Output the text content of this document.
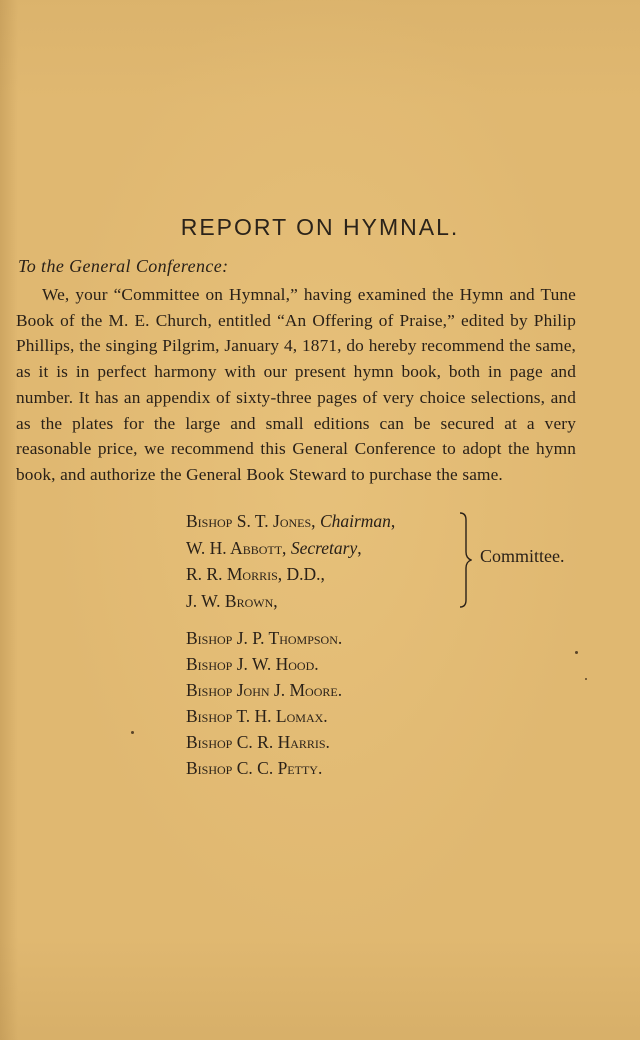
REPORT ON HYMNAL.
To the General Conference:
We, your “Committee on Hymnal,” having examined the Hymn and Tune Book of the M. E. Church, entitled “An Offering of Praise,” edited by Philip Phillips, the singing Pilgrim, January 4, 1871, do hereby recommend the same, as it is in perfect harmony with our present hymn book, both in page and number. It has an appendix of sixty-three pages of very choice selections, and as the plates for the large and small editions can be secured at a very reasonable price, we recommend this General Conference to adopt the hymn book, and authorize the General Book Steward to purchase the same.
Bishop S. T. Jones, Chairman,
W. H. Abbott, Secretary,
R. R. Morris, D.D.,
J. W. Brown,
Committee.
Bishop J. P. Thompson.
Bishop J. W. Hood.
Bishop John J. Moore.
Bishop T. H. Lomax.
Bishop C. R. Harris.
Bishop C. C. Petty.
